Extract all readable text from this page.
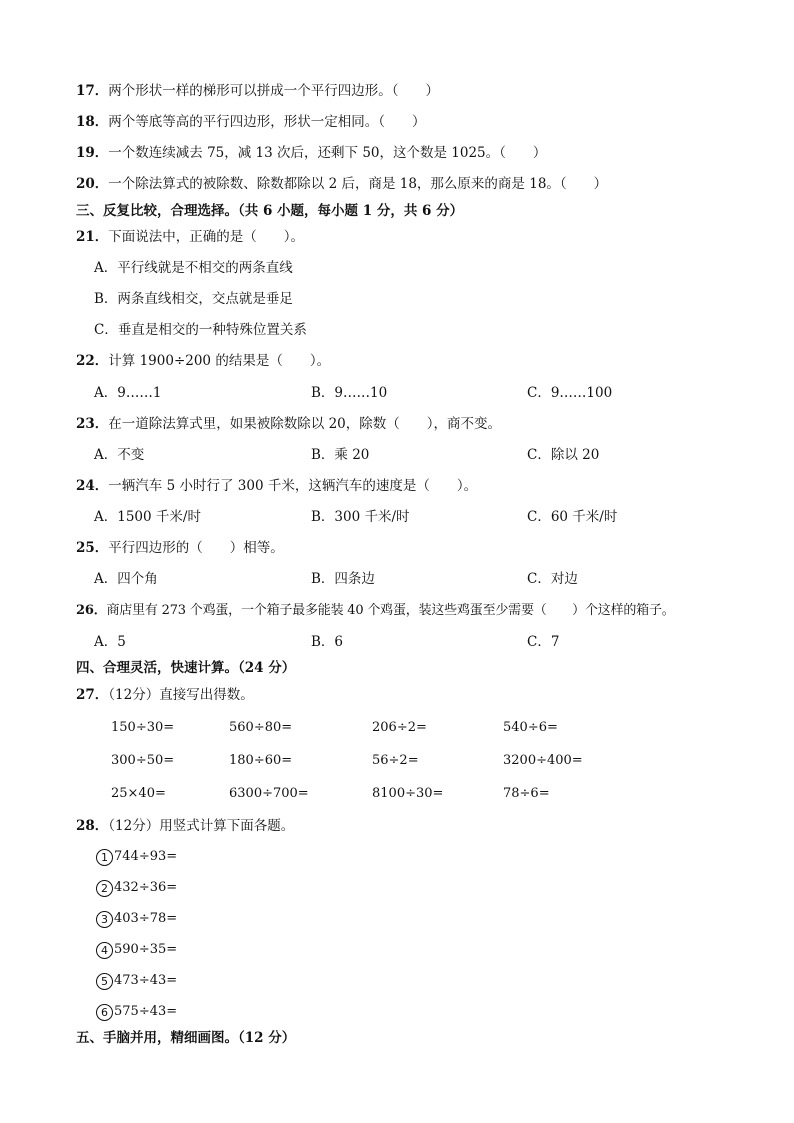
17．两个形状一样的梯形可以拼成一个平行四边形。（　　）
18．两个等底等高的平行四边形，形状一定相同。（　　）
19．一个数连续减去 75，减 13 次后，还剩下 50，这个数是 1025。（　　）
20．一个除法算式的被除数、除数都除以 2 后，商是 18，那么原来的商是 18。（　　）
三、反复比较，合理选择。（共 6 小题，每小题 1 分，共 6 分）
21．下面说法中，正确的是（　　）。
A．平行线就是不相交的两条直线
B．两条直线相交，交点就是垂足
C．垂直是相交的一种特殊位置关系
22．计算 1900÷200 的结果是（　　）。
A．9……1	B．9……10	C．9……100
23．在一道除法算式里，如果被除数除以 20，除数（　　），商不变。
A．不变	B．乘 20	C．除以 20
24．一辆汽车 5 小时行了 300 千米，这辆汽车的速度是（　　）。
A．1500 千米/时	B．300 千米/时	C．60 千米/时
25．平行四边形的（　　）相等。
A．四个角	B．四条边	C．对边
26．商店里有 273 个鸡蛋，一个箱子最多能装 40 个鸡蛋，装这些鸡蛋至少需要（　　）个这样的箱子。
A．5	B．6	C．7
四、合理灵活，快速计算。（24 分）
27．（12分）直接写出得数。
150÷30=	560÷80=	206÷2=	540÷6=
300÷50=	180÷60=	56÷2=	3200÷400=
25×40=	6300÷700=	8100÷30=	78÷6=
28．（12分）用竖式计算下面各题。
1 744÷93=
2 432÷36=
3 403÷78=
4 590÷35=
5 473÷43=
6 575÷43=
五、手脑并用，精细画图。（12 分）
